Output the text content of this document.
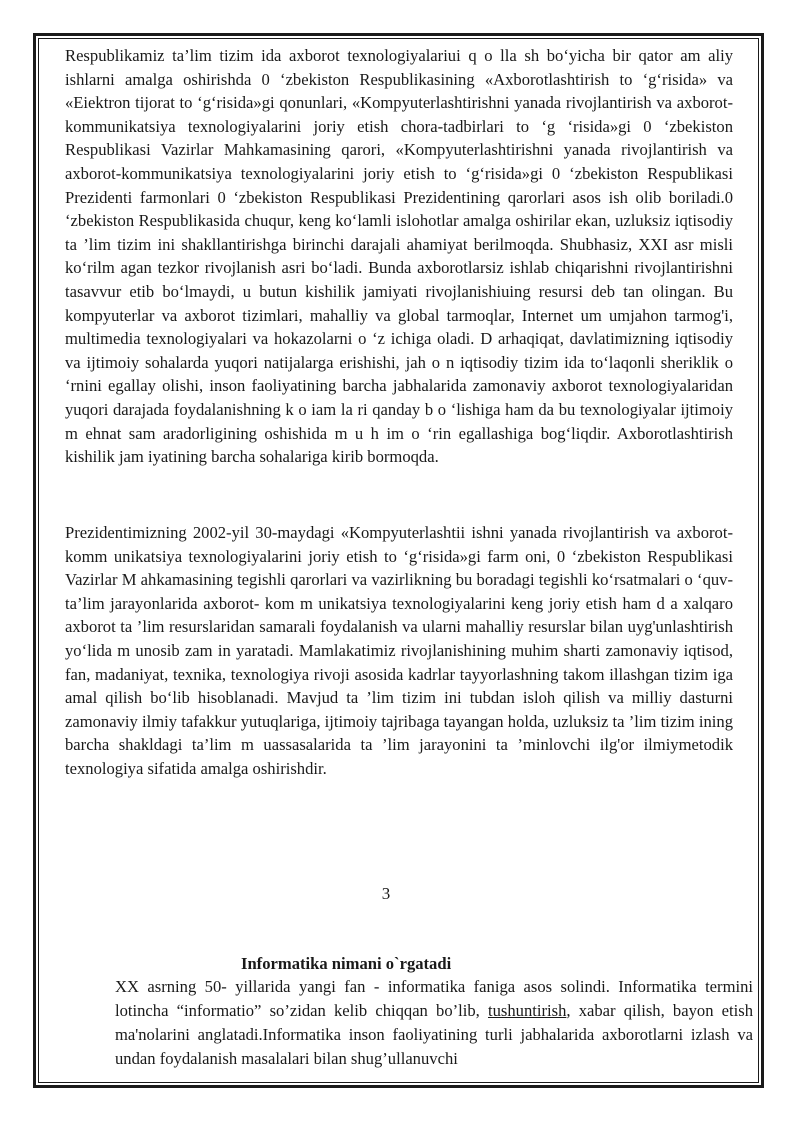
Respublikamiz ta’lim tizim ida axborot texnologiyalariui q o lla sh bo‘yicha bir qator am aliy ishlarni amalga oshirishda 0 ‘zbekiston Respublikasining «Axborotlashtirish to ‘g‘risida» va «Eiektron tijorat to ‘g‘risida»gi qonunlari, «Kompyuterlashtirishni yanada rivojlantirish va axborot-kommunikatsiya texnologiyalarini joriy etish chora-tadbirlari to ‘g ‘risida»gi 0 ‘zbekiston Respublikasi Vazirlar Mahkamasining qarori, «Kompyuterlashtirishni yanada rivojlantirish va axborot-kommunikatsiya texnologiyalarini joriy etish to ‘g‘risida»gi 0 ‘zbekiston Respublikasi Prezidenti farmonlari 0 ‘zbekiston Respublikasi Prezidentining qarorlari asos ish olib boriladi.0 ‘zbekiston Respublikasida chuqur, keng ko‘lamli islohotlar amalga oshirilar ekan, uzluksiz iqtisodiy ta ’lim tizim ini shakllantirishga birinchi darajali ahamiyat berilmoqda. Shubhasiz, XXI asr misli ko‘rilm agan tezkor rivojlanish asri bo‘ladi. Bunda axborotlarsiz ishlab chiqarishni rivojlantirishni tasavvur etib bo‘lmaydi, u butun kishilik jamiyati rivojlanishiuing resursi deb tan olingan. Bu kompyuterlar va axborot tizimlari, mahalliy va global tarmoqlar, Internet um umjahon tarmog'i, multimedia texnologiyalari va hokazolarni o ‘z ichiga oladi. D arhaqiqat, davlatimizning iqtisodiy va ijtimoiy sohalarda yuqori natijalarga erishishi, jah o n iqtisodiy tizim ida to‘laqonli sheriklik o ‘rnini egallay olishi, inson faoliyatining barcha jabhalarida zamonaviy axborot texnologiyalaridan yuqori darajada foydalanishning k o iam la ri qanday b o ‘lishiga ham da bu texnologiyalar ijtimoiy m ehnat sam aradorligining oshishida m u h im o ‘rin egallashiga bog‘liqdir. Axborotlashtirish kishilik jam iyatining barcha sohalariga kirib bormoqda.

Prezidentimizning 2002-yil 30-maydagi «Kompyuterlashtii ishni yanada rivojlantirish va axborot-komm unikatsiya texnologiyalarini joriy etish to ‘g‘risida»gi farm oni, 0 ‘zbekiston Respublikasi Vazirlar M ahkamasining tegishli qarorlari va vazirlikning bu boradagi tegishli ko‘rsatmalari o ‘quv-ta’lim jarayonlarida axborot- kom m unikatsiya texnologiyalarini keng joriy etish ham d a xalqaro axborot ta ’lim resurslaridan samarali foydalanish va ularni mahalliy resurslar bilan uyg'unlashtirish yo‘lida m unosib zam in yaratadi. Mamlakatimiz rivojlanishining muhim sharti zamonaviy iqtisod, fan, madaniyat, texnika, texnologiya rivoji asosida kadrlar tayyorlashning takom illashgan tizim iga amal qilish bo‘lib hisoblanadi. Mavjud ta ’lim tizim ini tubdan isloh qilish va milliy dasturni zamonaviy ilmiy tafakkur yutuqlariga, ijtimoiy tajribaga tayangan holda, uzluksiz ta ’lim tizim ining barcha shakldagi ta’lim m uassasalarida ta ’lim jarayonini ta ’minlovchi ilg'or ilmiymetodik texnologiya sifatida amalga oshirishdir.

3
Informatika nimani o`rgatadi

XX asrning 50- yillarida yangi fan - informatika faniga asos solindi. Informatika termini lotincha “informatio” so’zidan kelib chiqqan bo’lib, tushuntirish, xabar qilish, bayon etish ma'nolarini anglatadi.Informatika inson faoliyatining turli jabhalarida axborotlarni izlash va undan foydalanish masalalari bilan shug’ullanuvchi
